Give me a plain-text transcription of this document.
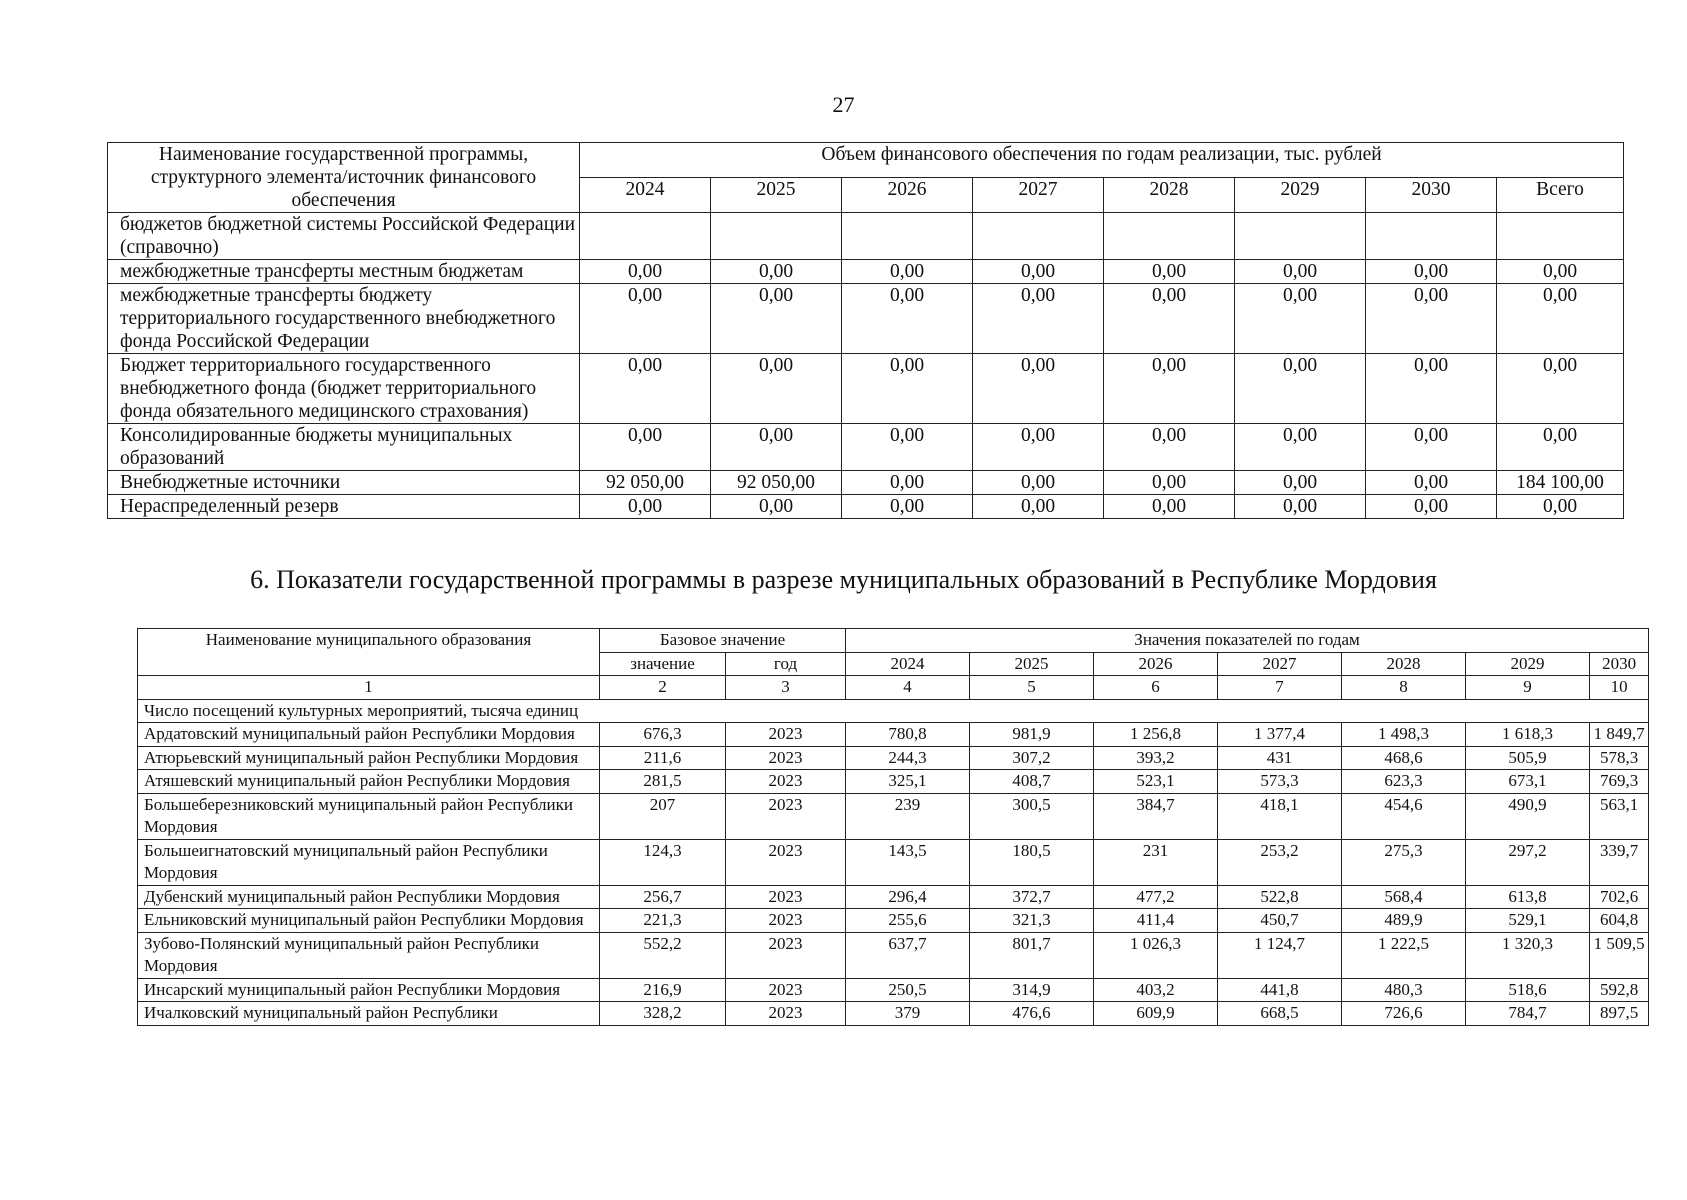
27
Наименование государственной программы, структурного элемента/источник финансового обеспечения	Объем финансового обеспечения по годам реализации, тыс. рублей							
	2024	2025	2026	2027	2028	2029	2030	Всего
бюджетов бюджетной системы Российской Федерации (справочно)								
межбюджетные трансферты местным бюджетам	0,00	0,00	0,00	0,00	0,00	0,00	0,00	0,00
межбюджетные трансферты бюджету территориального государственного внебюджетного фонда Российской Федерации	0,00	0,00	0,00	0,00	0,00	0,00	0,00	0,00
Бюджет территориального государственного внебюджетного фонда (бюджет территориального фонда обязательного медицинского страхования)	0,00	0,00	0,00	0,00	0,00	0,00	0,00	0,00
Консолидированные бюджеты муниципальных образований	0,00	0,00	0,00	0,00	0,00	0,00	0,00	0,00
Внебюджетные источники	92 050,00	92 050,00	0,00	0,00	0,00	0,00	0,00	184 100,00
Нераспределенный резерв	0,00	0,00	0,00	0,00	0,00	0,00	0,00	0,00
6. Показатели государственной программы в разрезе муниципальных образований в Республике Мордовия
Наименование муниципального образования	Базовое значение		Значения показателей по годам						
	значение	год	2024	2025	2026	2027	2028	2029	2030
1	2	3	4	5	6	7	8	9	10
Число посещений культурных мероприятий, тысяча единиц									
Ардатовский муниципальный район Республики Мордовия	676,3	2023	780,8	981,9	1 256,8	1 377,4	1 498,3	1 618,3	1 849,7
Атюрьевский муниципальный район Республики Мордовия	211,6	2023	244,3	307,2	393,2	431	468,6	505,9	578,3
Атяшевский муниципальный район Республики Мордовия	281,5	2023	325,1	408,7	523,1	573,3	623,3	673,1	769,3
Большеберезниковский муниципальный район Республики Мордовия	207	2023	239	300,5	384,7	418,1	454,6	490,9	563,1
Большеигнатовский муниципальный район Республики Мордовия	124,3	2023	143,5	180,5	231	253,2	275,3	297,2	339,7
Дубенский муниципальный район Республики Мордовия	256,7	2023	296,4	372,7	477,2	522,8	568,4	613,8	702,6
Ельниковский муниципальный район Республики Мордовия	221,3	2023	255,6	321,3	411,4	450,7	489,9	529,1	604,8
Зубово-Полянский муниципальный район Республики Мордовия	552,2	2023	637,7	801,7	1 026,3	1 124,7	1 222,5	1 320,3	1 509,5
Инсарский муниципальный район Республики Мордовия	216,9	2023	250,5	314,9	403,2	441,8	480,3	518,6	592,8
Ичалковский муниципальный район Республики	328,2	2023	379	476,6	609,9	668,5	726,6	784,7	897,5
